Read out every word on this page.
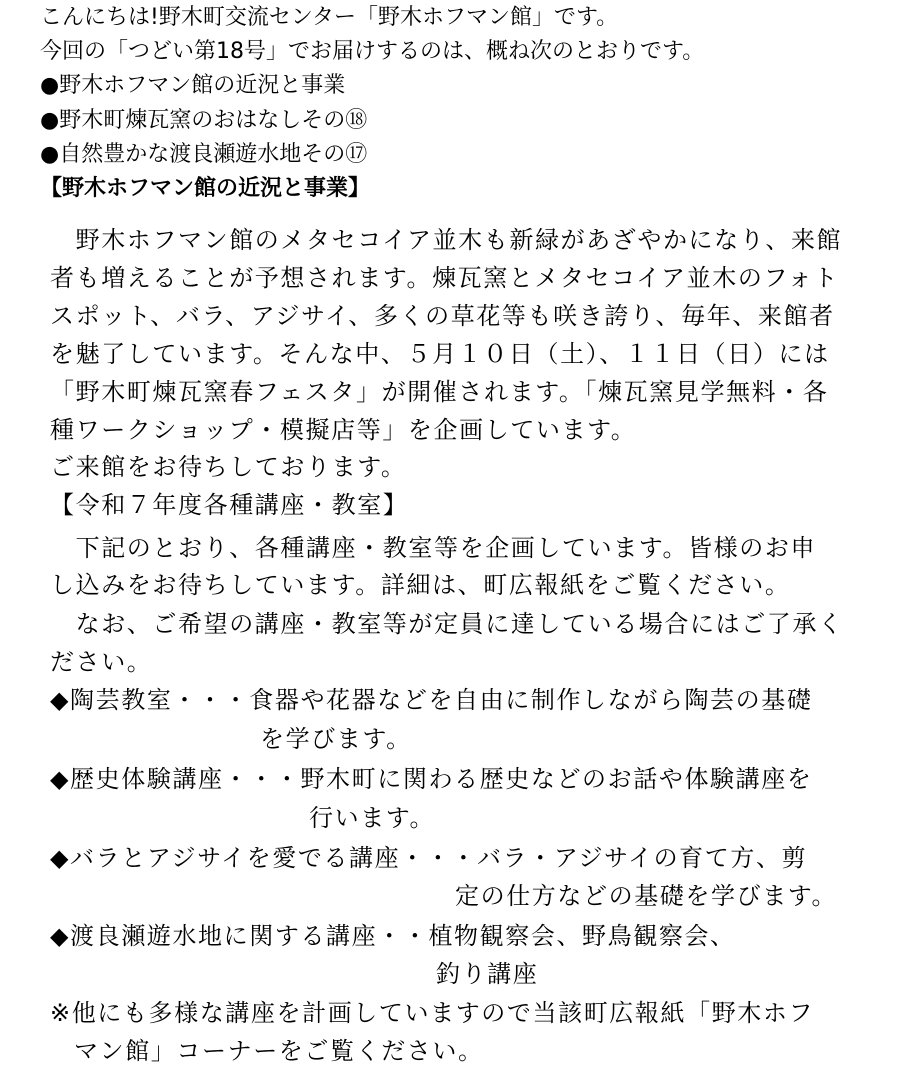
こんにちは!野木町交流センター「野木ホフマン館」です。
今回の「つどい第18号」でお届けするのは、概ね次のとおりです。
●野木ホフマン館の近況と事業
●野木町煉瓦窯のおはなしその⑱
●自然豊かな渡良瀬遊水地その⑰
【野木ホフマン館の近況と事業】
　野木ホフマン館のメタセコイア並木も新緑があざやかになり、来館
者も増えることが予想されます。煉瓦窯とメタセコイア並木のフォト
スポット、バラ、アジサイ、多くの草花等も咲き誇り、毎年、来館者
を魅了しています。そんな中、５月１０日（土）、１１日（日）には
「野木町煉瓦窯春フェスタ」が開催されます。「煉瓦窯見学無料・各
種ワークショップ・模擬店等」を企画しています。
ご来館をお待ちしております。
【令和７年度各種講座・教室】
　下記のとおり、各種講座・教室等を企画しています。皆様のお申
し込みをお待ちしています。詳細は、町広報紙をご覧ください。
　なお、ご希望の講座・教室等が定員に達している場合にはご了承く
ださい。
◆陶芸教室・・・食器や花器などを自由に制作しながら陶芸の基礎
を学びます。
◆歴史体験講座・・・野木町に関わる歴史などのお話や体験講座を
行います。
◆バラとアジサイを愛でる講座・・・バラ・アジサイの育て方、剪
定の仕方などの基礎を学びます。
◆渡良瀬遊水地に関する講座・・植物観察会、野鳥観察会、
釣り講座
※他にも多様な講座を計画していますので当該町広報紙「野木ホフ
マン館」コーナーをご覧ください。
